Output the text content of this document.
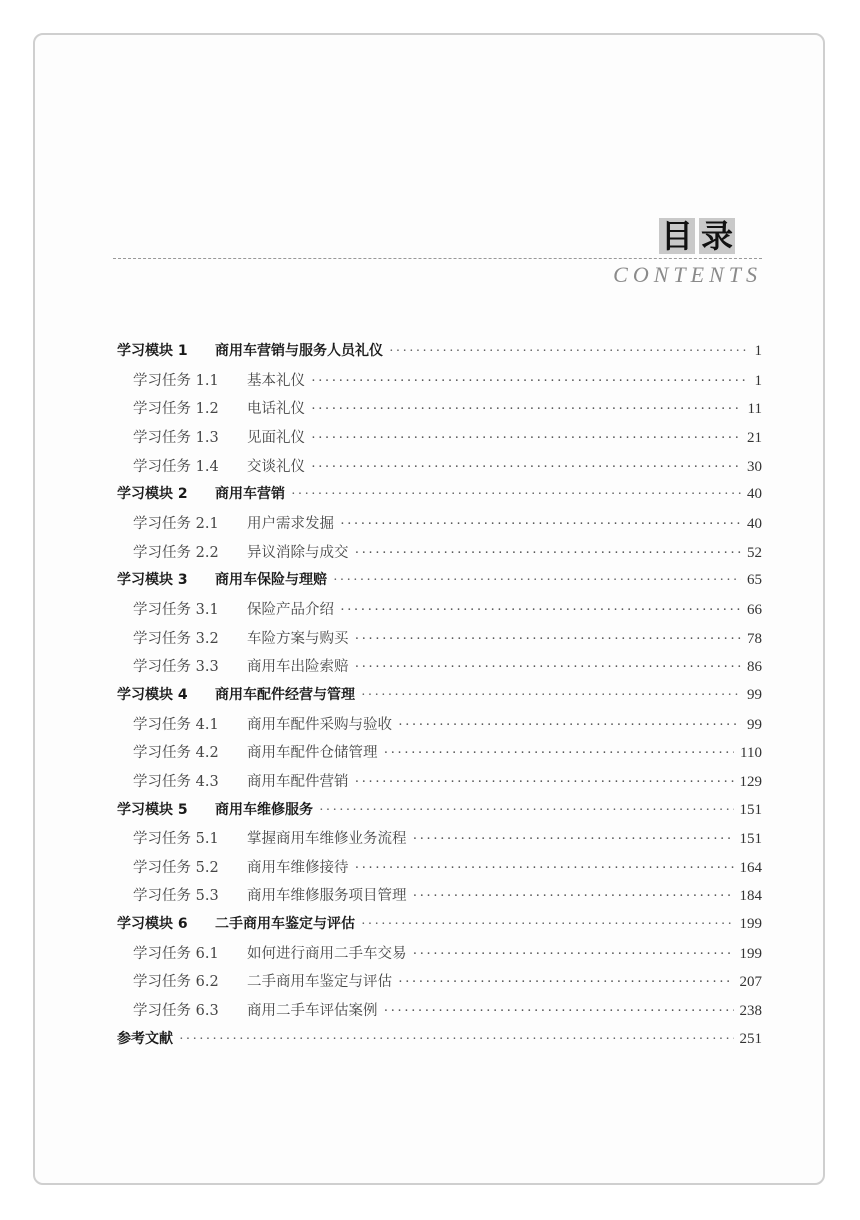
目 录
CONTENTS
学习模块 1	商用车营销与服务人员礼仪 ·····	1
学习任务 1.1	基本礼仪 ·····	1
学习任务 1.2	电话礼仪 ·····	11
学习任务 1.3	见面礼仪 ·····	21
学习任务 1.4	交谈礼仪 ·····	30
学习模块 2	商用车营销 ·····	40
学习任务 2.1	用户需求发掘 ·····	40
学习任务 2.2	异议消除与成交 ·····	52
学习模块 3	商用车保险与理赔 ·····	65
学习任务 3.1	保险产品介绍 ·····	66
学习任务 3.2	车险方案与购买 ·····	78
学习任务 3.3	商用车出险索赔 ·····	86
学习模块 4	商用车配件经营与管理 ·····	99
学习任务 4.1	商用车配件采购与验收 ·····	99
学习任务 4.2	商用车配件仓储管理 ·····	110
学习任务 4.3	商用车配件营销 ·····	129
学习模块 5	商用车维修服务 ·····	151
学习任务 5.1	掌握商用车维修业务流程 ·····	151
学习任务 5.2	商用车维修接待 ·····	164
学习任务 5.3	商用车维修服务项目管理 ·····	184
学习模块 6	二手商用车鉴定与评估 ·····	199
学习任务 6.1	如何进行商用二手车交易 ·····	199
学习任务 6.2	二手商用车鉴定与评估 ·····	207
学习任务 6.3	商用二手车评估案例 ·····	238
参考文献 ·····	251
